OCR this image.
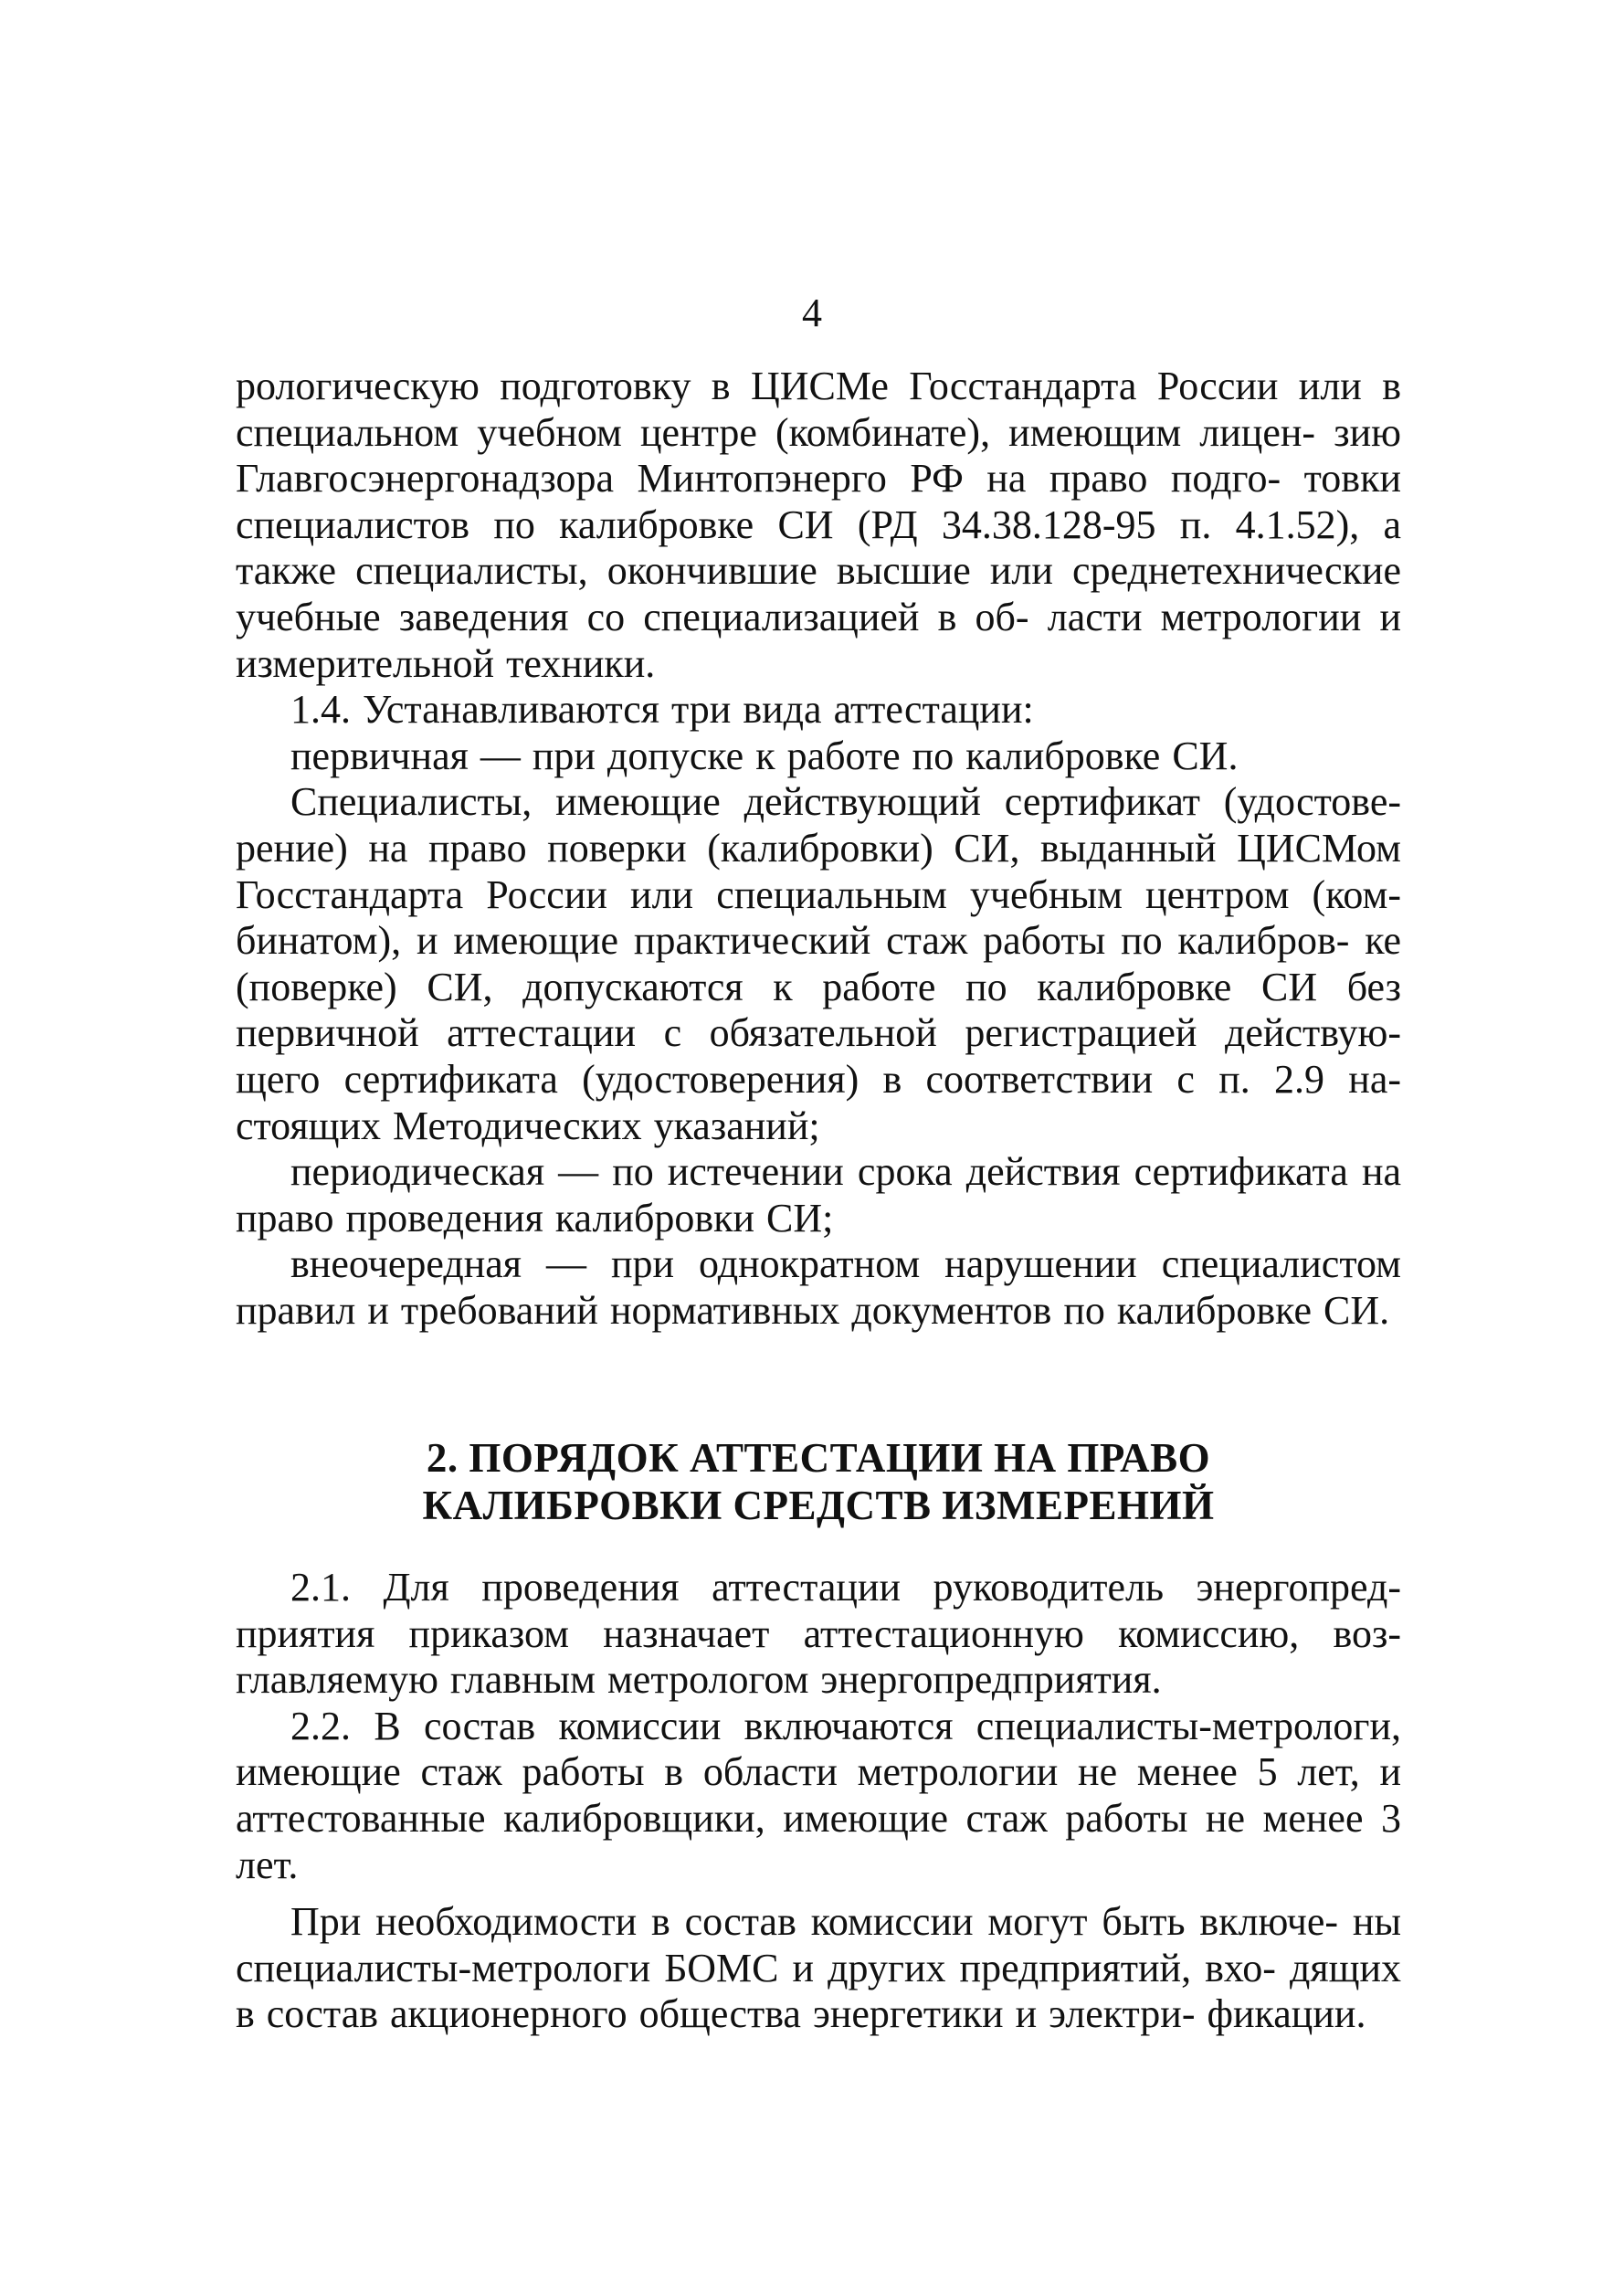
4

рологическую подготовку в ЦИСМе Госстандарта России или в специальном учебном центре (комбинате), имеющим лицен- зию Главгосэнергонадзора Минтопэнерго РФ на право подго- товки специалистов по калибровке СИ (РД 34.38.128-95 п. 4.1.52), а также специалисты, окончившие высшие или среднетехнические учебные заведения со специализацией в об- ласти метрологии и измерительной техники.

1.4. Устанавливаются три вида аттестации:

первичная — при допуске к работе по калибровке СИ.

Специалисты, имеющие действующий сертификат (удостове- рение) на право поверки (калибровки) СИ, выданный ЦИСМом Госстандарта России или специальным учебным центром (ком- бинатом), и имеющие практический стаж работы по калибров- ке (поверке) СИ, допускаются к работе по калибровке СИ без первичной аттестации с обязательной регистрацией действую- щего сертификата (удостоверения) в соответствии с п. 2.9 на- стоящих Методических указаний;

периодическая — по истечении срока действия сертификата на право проведения калибровки СИ;

внеочередная — при однократном нарушении специалистом правил и требований нормативных документов по калибровке СИ.

2. ПОРЯДОК АТТЕСТАЦИИ НА ПРАВО
КАЛИБРОВКИ СРЕДСТВ ИЗМЕРЕНИЙ

2.1. Для проведения аттестации руководитель энергопред- приятия приказом назначает аттестационную комиссию, воз- главляемую главным метрологом энергопредприятия.

2.2. В состав комиссии включаются специалисты-метрологи, имеющие стаж работы в области метрологии не менее 5 лет, и аттестованные калибровщики, имеющие стаж работы не менее 3 лет.

При необходимости в состав комиссии могут быть включе- ны специалисты-метрологи БОМС и других предприятий, вхо- дящих в состав акционерного общества энергетики и электри- фикации.
